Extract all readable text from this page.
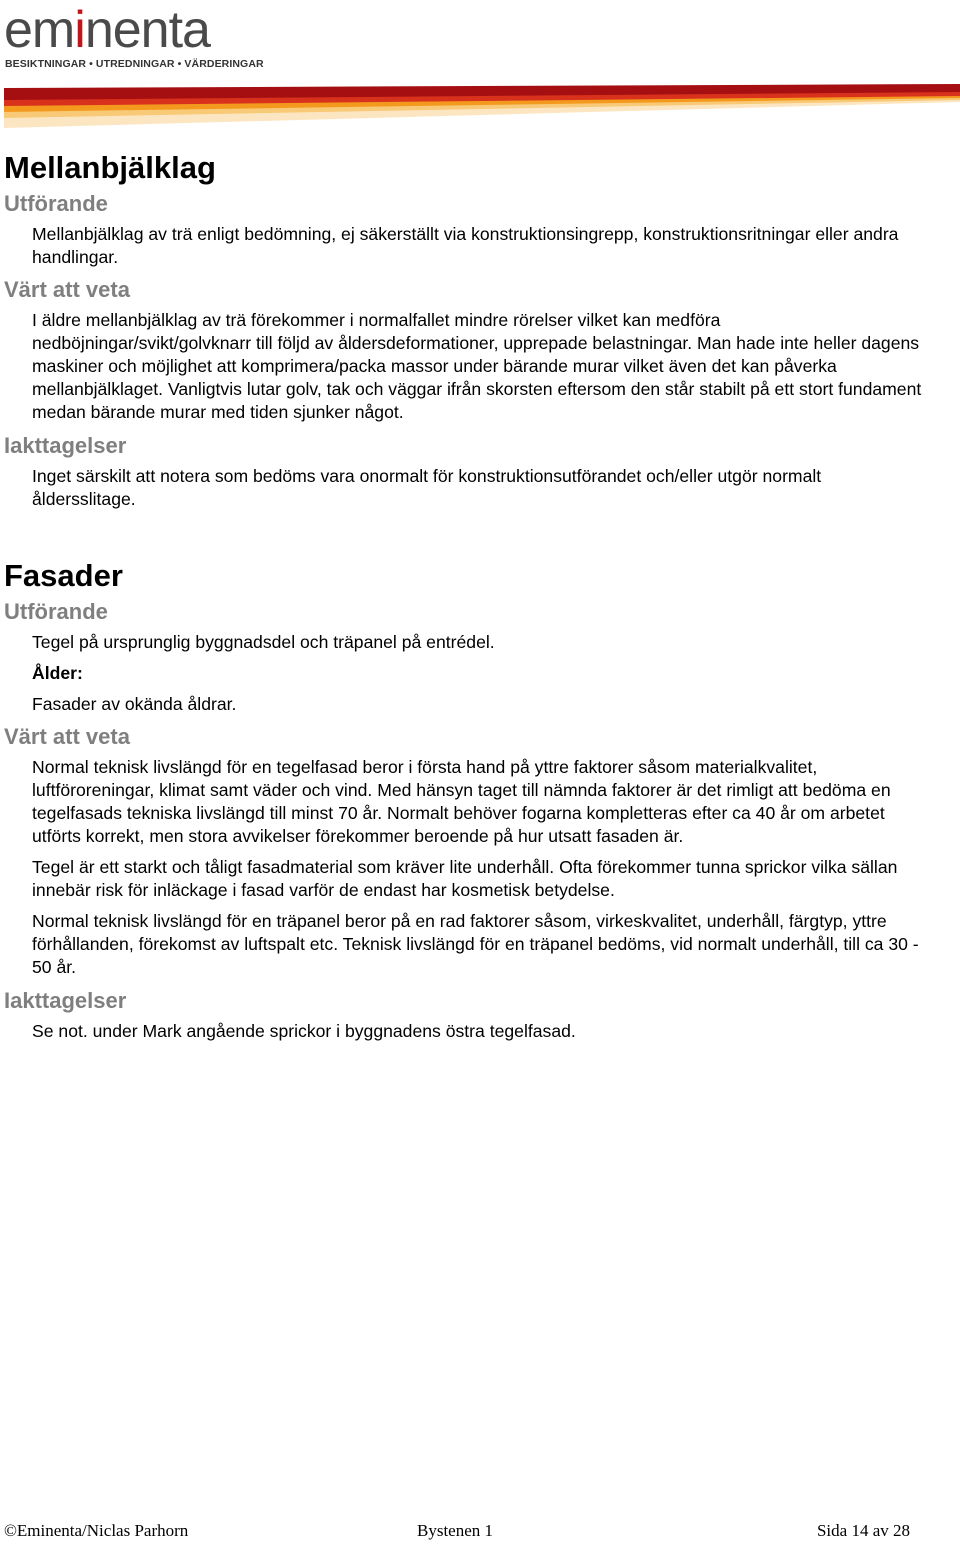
eminenta
BESIKTNINGAR • UTREDNINGAR • VÄRDERINGAR
Mellanbjälklag
Utförande

Mellanbjälklag av trä enligt bedömning, ej säkerställt via konstruktionsingrepp, konstruktionsritningar eller andra handlingar.

Värt att veta

I äldre mellanbjälklag av trä förekommer i normalfallet mindre rörelser vilket kan medföra nedböjningar/svikt/golvknarr till följd av åldersdeformationer, upprepade belastningar. Man hade inte heller dagens maskiner och möjlighet att komprimera/packa massor under bärande murar vilket även det kan påverka mellanbjälklaget. Vanligtvis lutar golv, tak och väggar ifrån skorsten eftersom den står stabilt på ett stort fundament medan bärande murar med tiden sjunker något.

Iakttagelser

Inget särskilt att notera som bedöms vara onormalt för konstruktionsutförandet och/eller utgör normalt åldersslitage.

Fasader
Utförande

Tegel på ursprunglig byggnadsdel och träpanel på entrédel.

Ålder:

Fasader av okända åldrar.

Värt att veta

Normal teknisk livslängd för en tegelfasad beror i första hand på yttre faktorer såsom materialkvalitet, luftföroreningar, klimat samt väder och vind. Med hänsyn taget till nämnda faktorer är det rimligt att bedöma en tegelfasads tekniska livslängd till minst 70 år. Normalt behöver fogarna kompletteras efter ca 40 år om arbetet utförts korrekt, men stora avvikelser förekommer beroende på hur utsatt fasaden är.

Tegel är ett starkt och tåligt fasadmaterial som kräver lite underhåll. Ofta förekommer tunna sprickor vilka sällan innebär risk för inläckage i fasad varför de endast har kosmetisk betydelse.

Normal teknisk livslängd för en träpanel beror på en rad faktorer såsom, virkeskvalitet, underhåll, färgtyp, yttre förhållanden, förekomst av luftspalt etc. Teknisk livslängd för en träpanel bedöms, vid normalt underhåll, till ca 30 - 50 år.

Iakttagelser

Se not. under Mark angående sprickor i byggnadens östra tegelfasad.

©Eminenta/Niclas Parhorn	Bystenen 1	Sida 14 av 28
